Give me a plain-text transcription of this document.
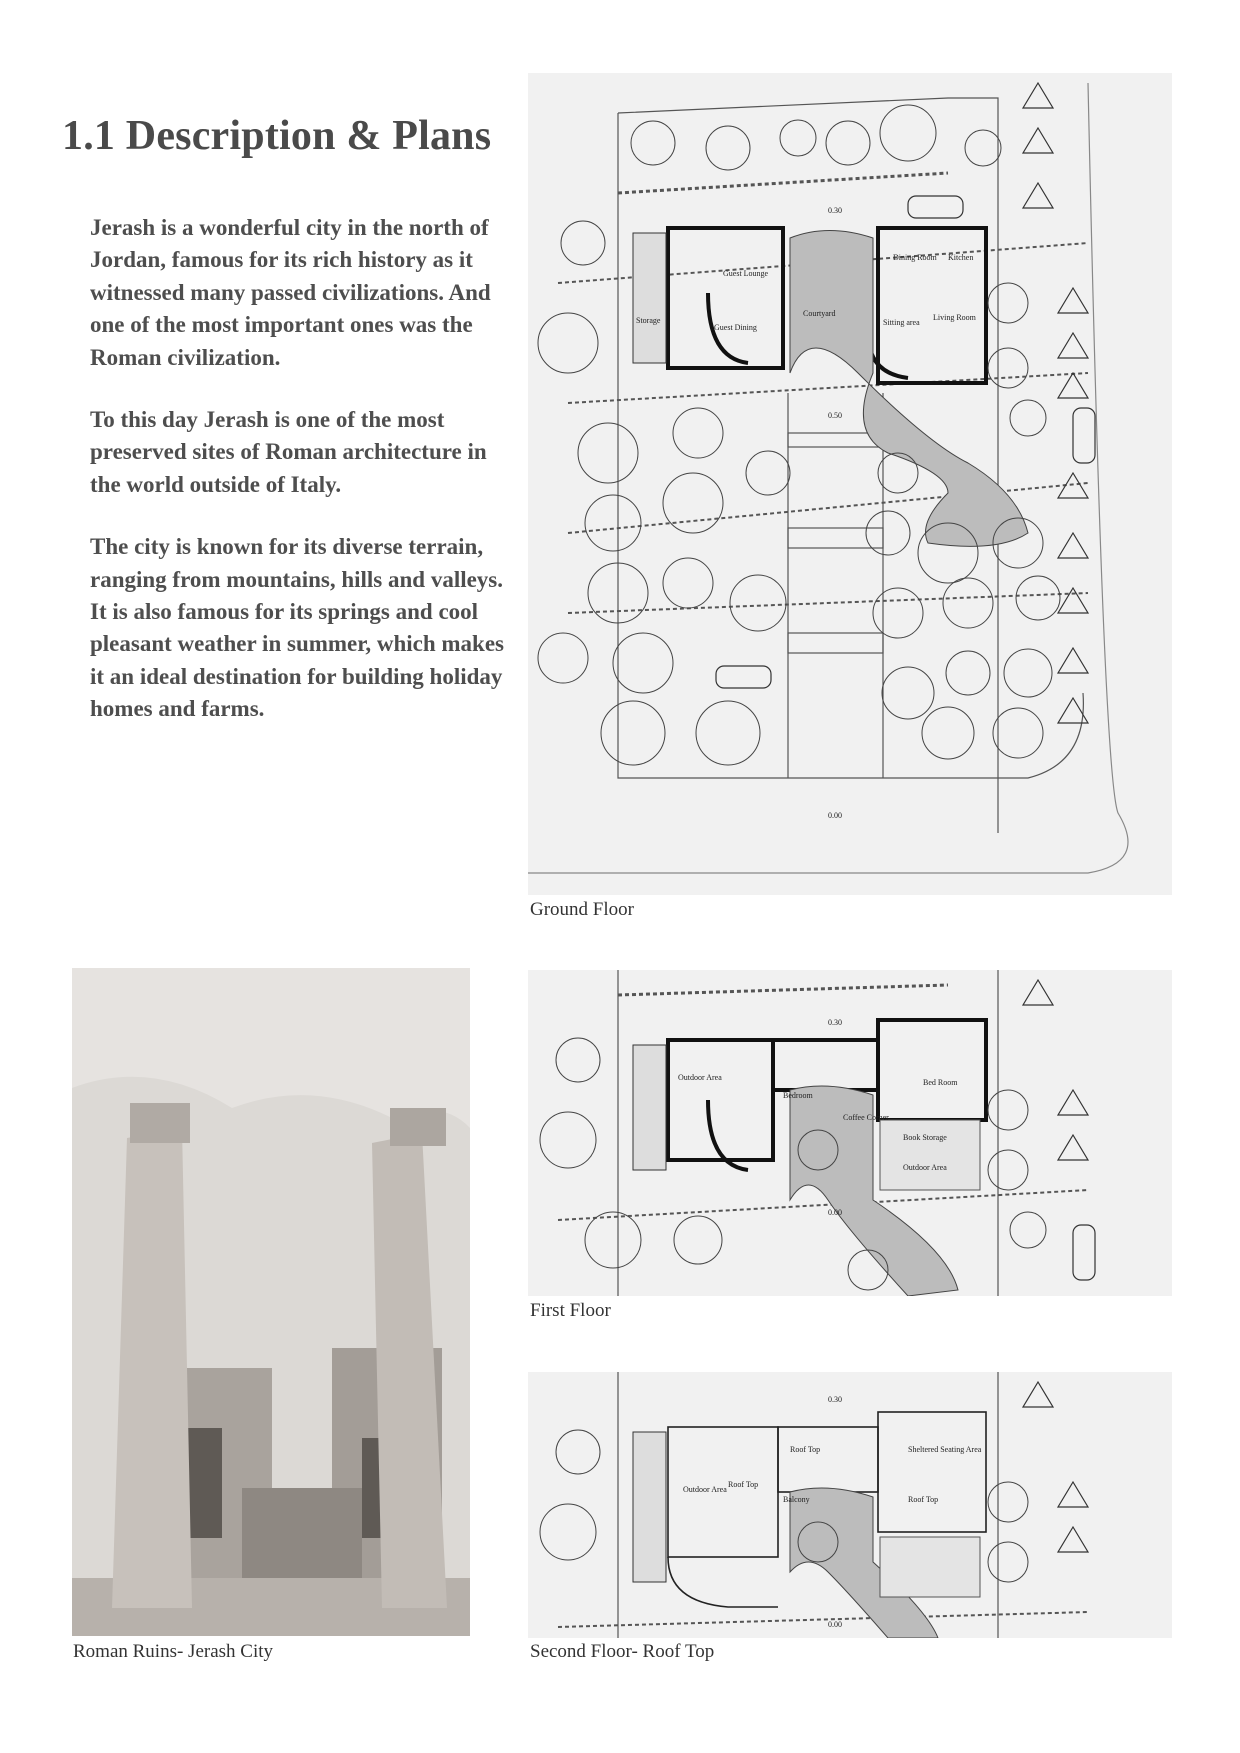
1.1 Description & Plans

Jerash is a wonderful city in the north of Jordan, famous for its rich history as it witnessed many passed civilizations. And one of the most important ones was the Roman civilization.

To this day Jerash is one of the most preserved sites of Roman architecture in the world outside of Italy.

The city is known for its diverse terrain, ranging from mountains, hills and valleys. It is also famous for its springs and cool pleasant weather in summer, which makes it an ideal destination for building holiday homes and farms.

Dining Room Kitchen
Living Room
Sitting area
Guest Lounge
Guest Dining
Storage
Courtyard
0.00
0.30
0.50
Ground Floor
Roman Ruins- Jerash City
Bed Room
Outdoor Area
Bedroom
Coffee Corner
Book Storage
Outdoor Area
0.30
0.00
First Floor
Roof Top	Sheltered Seating Area
Outdoor Area
Roof Top
Roof Top
Balcony
0.30
0.00
Second Floor- Roof Top
